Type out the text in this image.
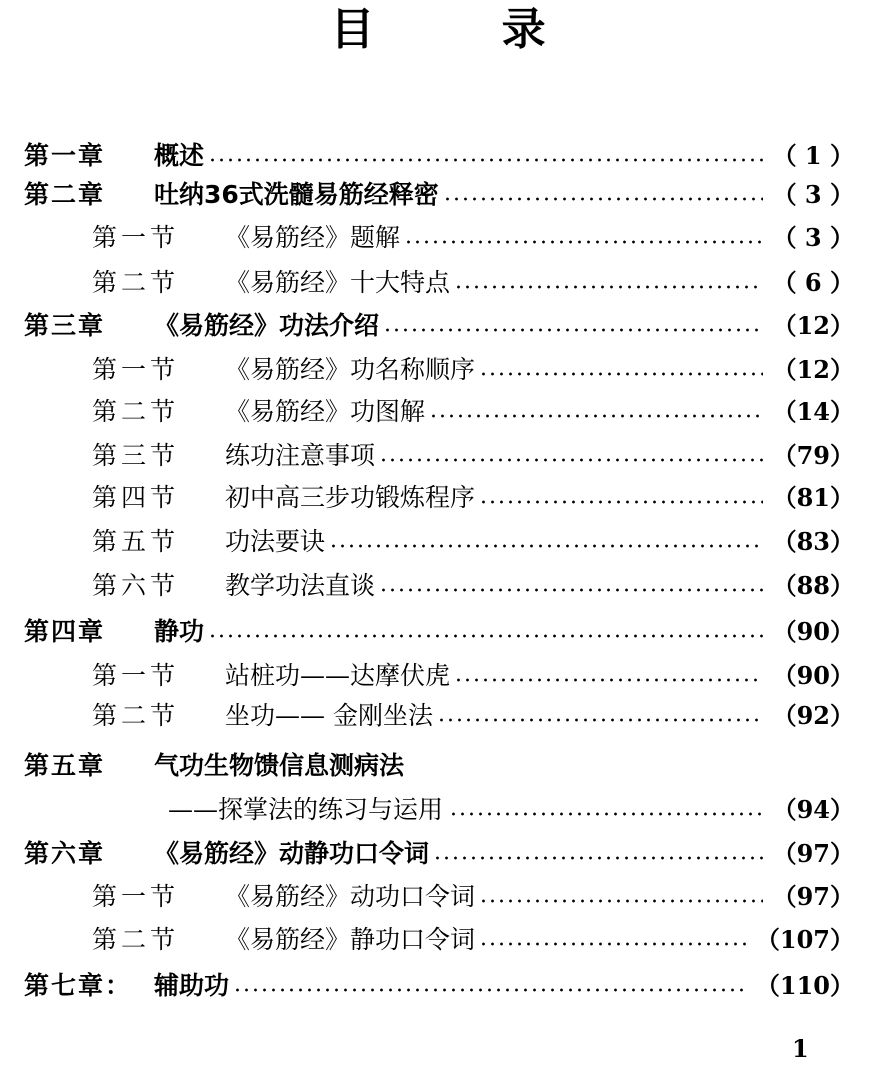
目 录
第一章	概述	（ 1 ）
第二章	吐纳36式洗髓易筋经释密	（ 3 ）
第一节	《易筋经》题解	（ 3 ）
第二节	《易筋经》十大特点	（ 6 ）
第三章	《易筋经》功法介绍	（12）
第一节	《易筋经》功名称顺序	（12）
第二节	《易筋经》功图解	（14）
第三节	练功注意事项	（79）
第四节	初中高三步功锻炼程序	（81）
第五节	功法要诀	（83）
第六节	教学功法直谈	（88）
第四章	静功	（90）
第一节	站桩功——达摩伏虎	（90）
第二节	坐功—— 金刚坐法	（92）
第五章	气功生物馈信息测病法
——探掌法的练习与运用	（94）
第六章	《易筋经》动静功口令词	（97）
第一节	《易筋经》动功口令词	（97）
第二节	《易筋经》静功口令词	（107）
第七章： 辅助功	（110）
1
